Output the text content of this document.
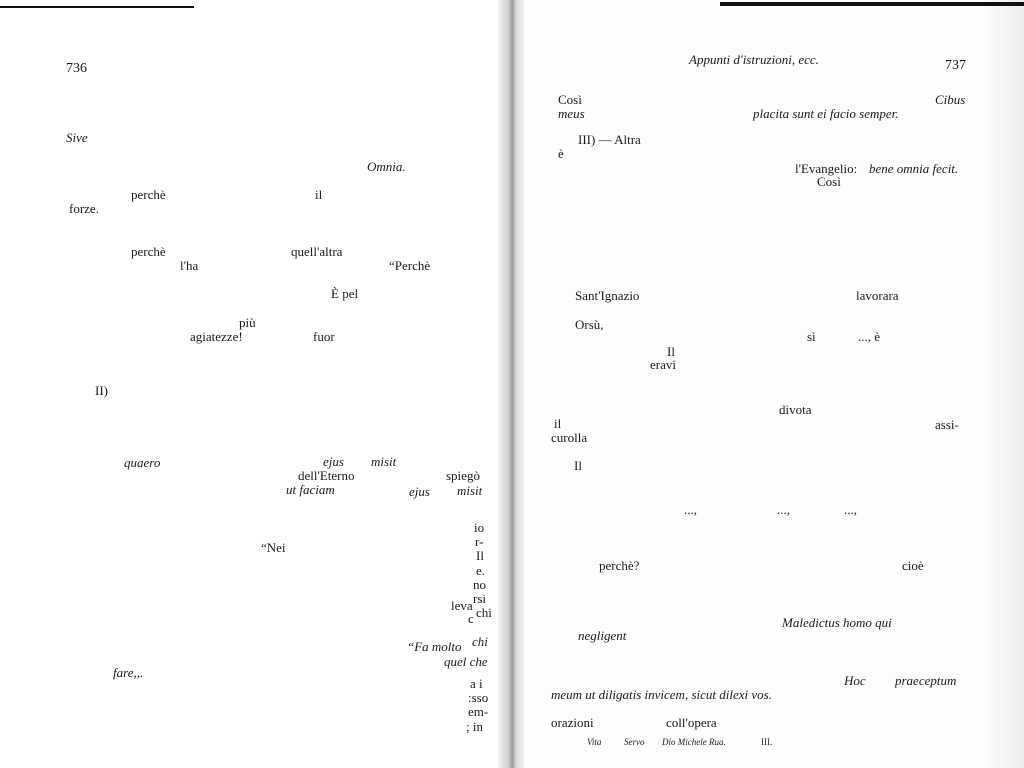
736
Sive
Omnia.
perchè	il
forze.
perchè	quell'altra
l'ha	“Perchè
È pel
più
agiatezze!	fuor
II)
quaero	ejus misit
dell'Eterno	spiegò
ut faciam	ejus misit
io
r-
“Nei
Il
e.
no
rsi
leva chi
c
“Fa molto chi
quel che
fare,,.
a i
:sso
em-
; in
Appunti d'istruzioni, ecc.	737
Così	Cibus
meus	placita sunt ei facio semper.
III) — Altra
è
l'Evangelio: bene omnia fecit.
Così
Sant'Ignazio	lavorara
Orsù,
sì	..., è
Il
eravi
divota
il	assi-
curolla
Il
...,	...,	...,
perchè?	cioè
Maledictus homo qui
negligent
Hoc praeceptum
meum ut diligatis invicem, sicut dilexi vos.
orazioni	coll'opera
Vita	Servo Dio Michele Rua.	III.
